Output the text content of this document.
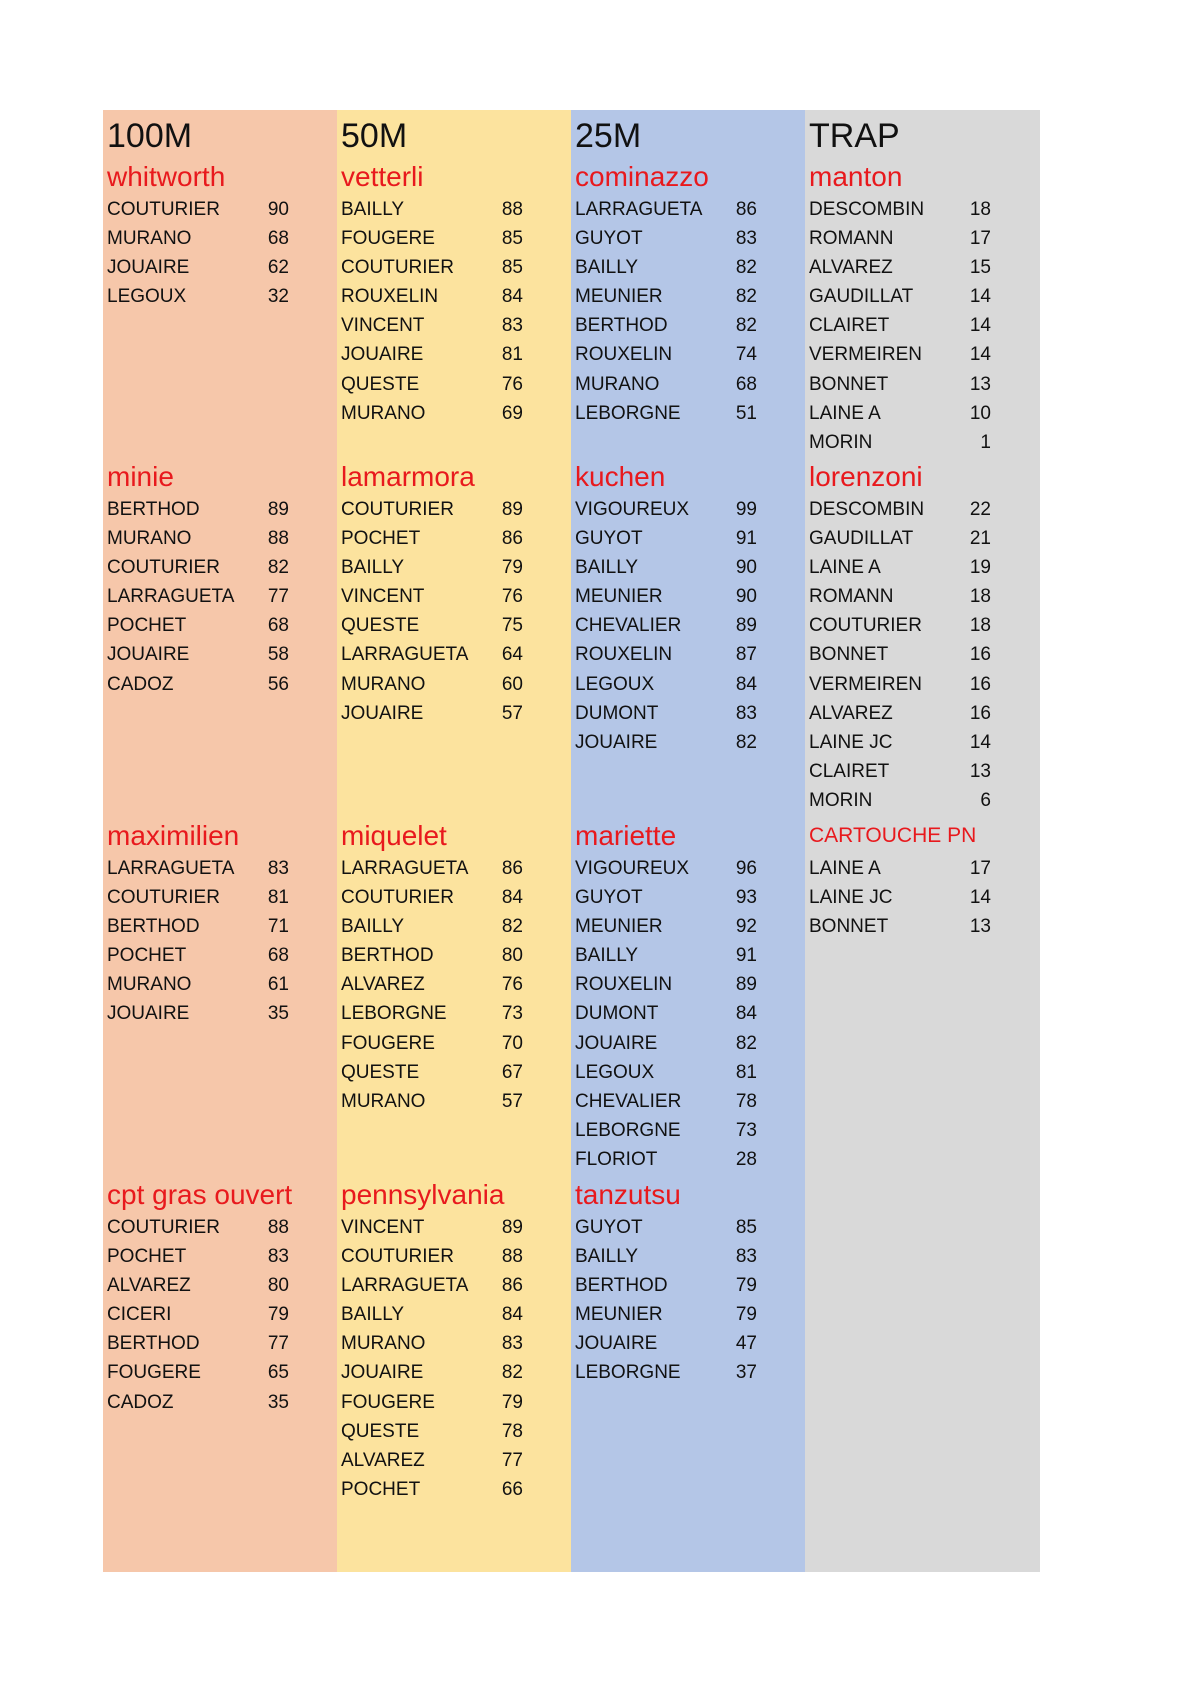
100M
whitworth
COUTURIER	90
MURANO	68
JOUAIRE	62
LEGOUX	32
minie
BERTHOD	89
MURANO	88
COUTURIER	82
LARRAGUETA	77
POCHET	68
JOUAIRE	58
CADOZ	56
maximilien
LARRAGUETA	83
COUTURIER	81
BERTHOD	71
POCHET	68
MURANO	61
JOUAIRE	35
cpt gras ouvert
COUTURIER	88
POCHET	83
ALVAREZ	80
CICERI	79
BERTHOD	77
FOUGERE	65
CADOZ	35
50M
vetterli
BAILLY	88
FOUGERE	85
COUTURIER	85
ROUXELIN	84
VINCENT	83
JOUAIRE	81
QUESTE	76
MURANO	69
lamarmora
COUTURIER	89
POCHET	86
BAILLY	79
VINCENT	76
QUESTE	75
LARRAGUETA	64
MURANO	60
JOUAIRE	57
miquelet
LARRAGUETA	86
COUTURIER	84
BAILLY	82
BERTHOD	80
ALVAREZ	76
LEBORGNE	73
FOUGERE	70
QUESTE	67
MURANO	57
pennsylvania
VINCENT	89
COUTURIER	88
LARRAGUETA	86
BAILLY	84
MURANO	83
JOUAIRE	82
FOUGERE	79
QUESTE	78
ALVAREZ	77
POCHET	66
25M
cominazzo
LARRAGUETA	86
GUYOT	83
BAILLY	82
MEUNIER	82
BERTHOD	82
ROUXELIN	74
MURANO	68
LEBORGNE	51
kuchen
VIGOUREUX	99
GUYOT	91
BAILLY	90
MEUNIER	90
CHEVALIER	89
ROUXELIN	87
LEGOUX	84
DUMONT	83
JOUAIRE	82
mariette
VIGOUREUX	96
GUYOT	93
MEUNIER	92
BAILLY	91
ROUXELIN	89
DUMONT	84
JOUAIRE	82
LEGOUX	81
CHEVALIER	78
LEBORGNE	73
FLORIOT	28
tanzutsu
GUYOT	85
BAILLY	83
BERTHOD	79
MEUNIER	79
JOUAIRE	47
LEBORGNE	37
TRAP
manton
DESCOMBIN	18
ROMANN	17
ALVAREZ	15
GAUDILLAT	14
CLAIRET	14
VERMEIREN	14
BONNET	13
LAINE A	10
MORIN	1
lorenzoni
DESCOMBIN	22
GAUDILLAT	21
LAINE A	19
ROMANN	18
COUTURIER	18
BONNET	16
VERMEIREN	16
ALVAREZ	16
LAINE JC	14
CLAIRET	13
MORIN	6
CARTOUCHE PN
LAINE A	17
LAINE JC	14
BONNET	13
